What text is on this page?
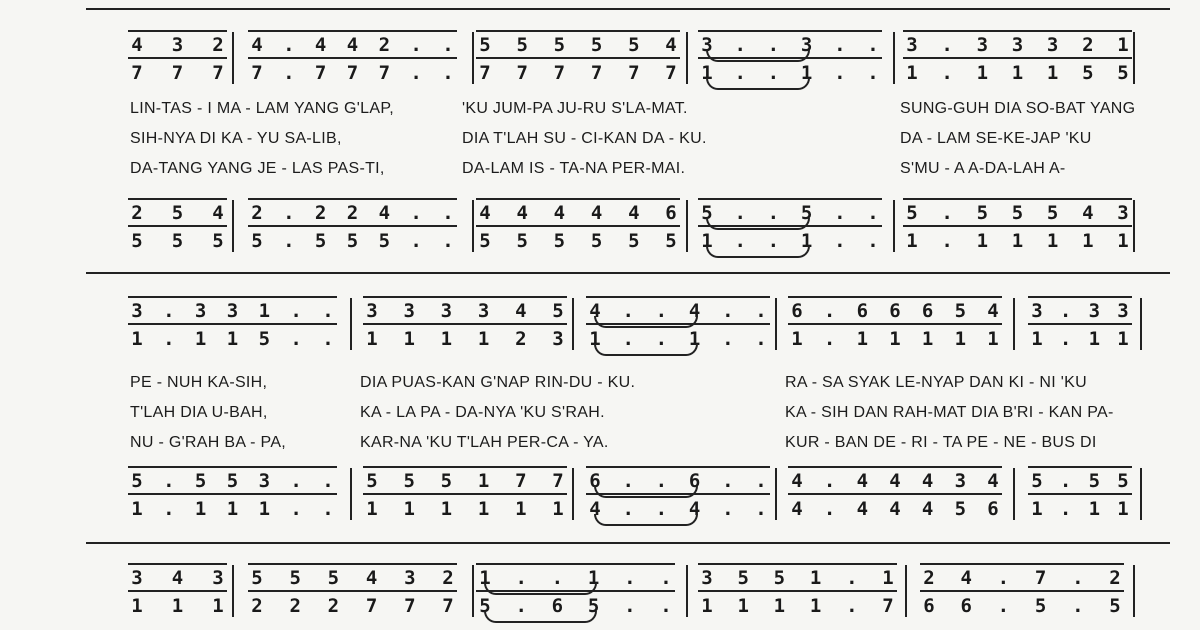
LIN-TAS - I MA - LAM YANG G'LAP,	'KU JUM-PA JU-RU S'LA-MAT.	SUNG-GUH DIA SO-BAT YANG
SIH-NYA DI KA - YU SA-LIB,	DIA T'LAH SU - CI-KAN DA - KU.	DA - LAM SE-KE-JAP 'KU
DA-TANG YANG JE - LAS PAS-TI,	DA-LAM IS - TA-NA PER-MAI.	S'MU - A A-DA-LAH A-
PE - NUH KA-SIH,	DIA PUAS-KAN G'NAP RIN-DU - KU.	RA - SA SYAK LE-NYAP DAN KI - NI 'KU
T'LAH DIA U-BAH,	KA - LA PA - DA-NYA 'KU S'RAH.	KA - SIH DAN RAH-MAT DIA B'RI - KAN PA-
NU - G'RAH BA - PA,	KAR-NA 'KU T'LAH PER-CA - YA.	KUR - BAN DE - RI - TA PE - NE - BUS DI
4 3 2
7 7 7
4 . 4 4 2 . .
7 . 7 7 7 . .
5 5 5 5 5 4
7 7 7 7 7 7
3 . . 3 . .
1 . . 1 . .
3 . 3 3 3 2 1
1 . 1 1 1 5 5
2 5 4
5 5 5
2 . 2 2 4 . .
5 . 5 5 5 . .
4 4 4 4 4 6
5 5 5 5 5 5
5 . . 5 . .
1 . . 1 . .
5 . 5 5 5 4 3
1 . 1 1 1 1 1
3 . 3 3 1 . .
1 . 1 1 5 . .
3 3 3 3 4 5
1 1 1 1 2 3
4 . . 4 . .
1 . . 1 . .
6 . 6 6 6 5 4
1 . 1 1 1 1 1
3 . 3 3
1 . 1 1
5 . 5 5 3 . .
1 . 1 1 1 . .
5 5 5 1 7 7
1 1 1 1 1 1
6 . . 6 . .
4 . . 4 . .
4 . 4 4 4 3 4
4 . 4 4 4 5 6
5 . 5 5
1 . 1 1
3 4 3
1 1 1
5 5 5 4 3 2
2 2 2 7 7 7
1 . . 1 . .
5 . 6 5 . .
3 5 5 1 . 1
1 1 1 1 . 7
2 4 . 7 . 2
6 6 . 5 . 5
